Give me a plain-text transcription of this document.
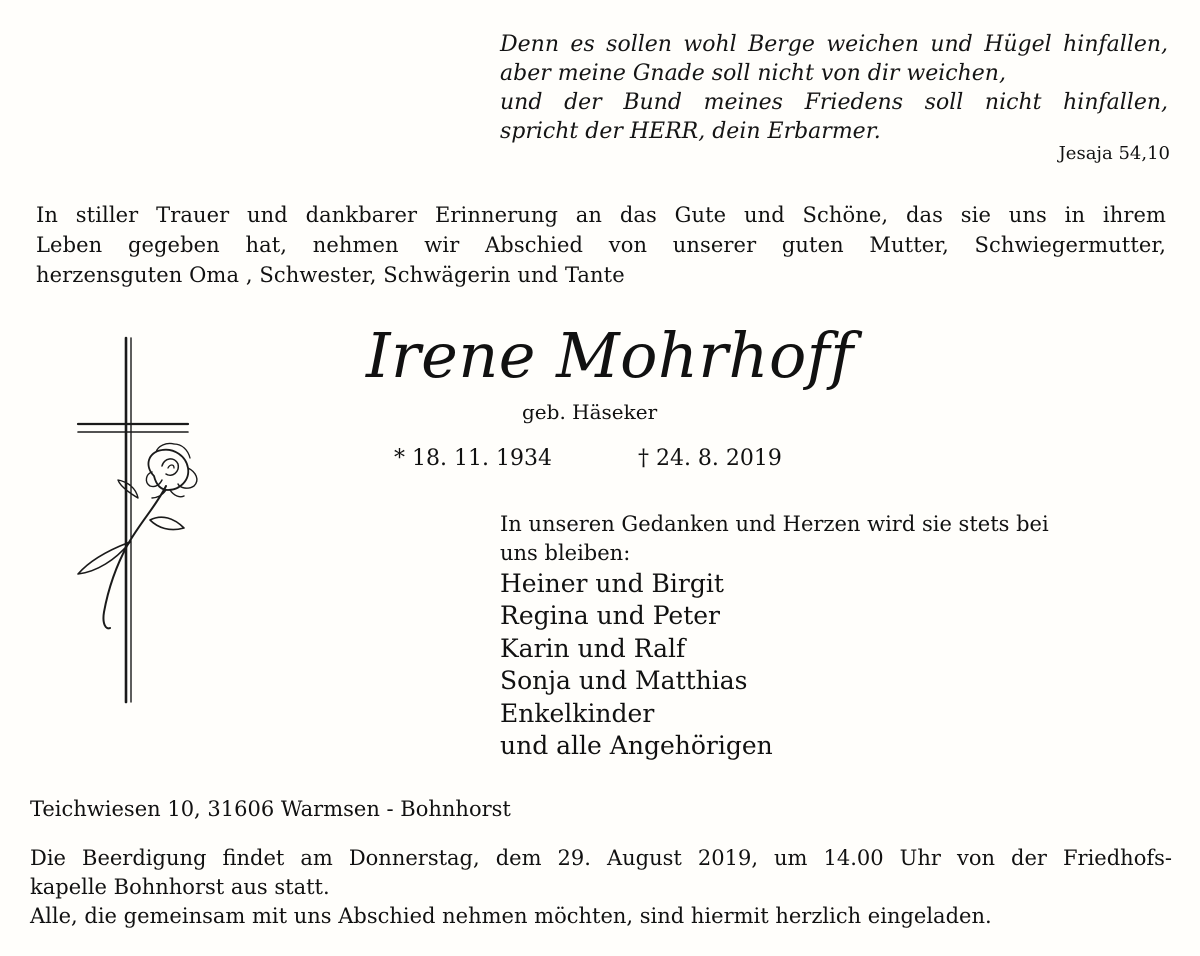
Denn es sollen wohl Berge weichen und Hügel hinfallen,
aber meine Gnade soll nicht von dir weichen,
und der Bund meines Friedens soll nicht hinfallen,
spricht der HERR, dein Erbarmer.
Jesaja 54,10
In stiller Trauer und dankbarer Erinnerung an das Gute und Schöne, das sie uns in ihrem
Leben gegeben hat, nehmen wir Abschied von unserer guten Mutter, Schwiegermutter,
herzensguten Oma , Schwester, Schwägerin und Tante
Irene Mohrhoff
geb. Häseker
* 18. 11. 1934	† 24. 8. 2019
In unseren Gedanken und Herzen wird sie stets bei
uns bleiben:
Heiner und Birgit
Regina und Peter
Karin und Ralf
Sonja und Matthias
Enkelkinder
und alle Angehörigen
Teichwiesen 10, 31606 Warmsen - Bohnhorst
Die Beerdigung findet am Donnerstag, dem 29. August 2019, um 14.00 Uhr von der Friedhofs-
kapelle Bohnhorst aus statt.
Alle, die gemeinsam mit uns Abschied nehmen möchten, sind hiermit herzlich eingeladen.
